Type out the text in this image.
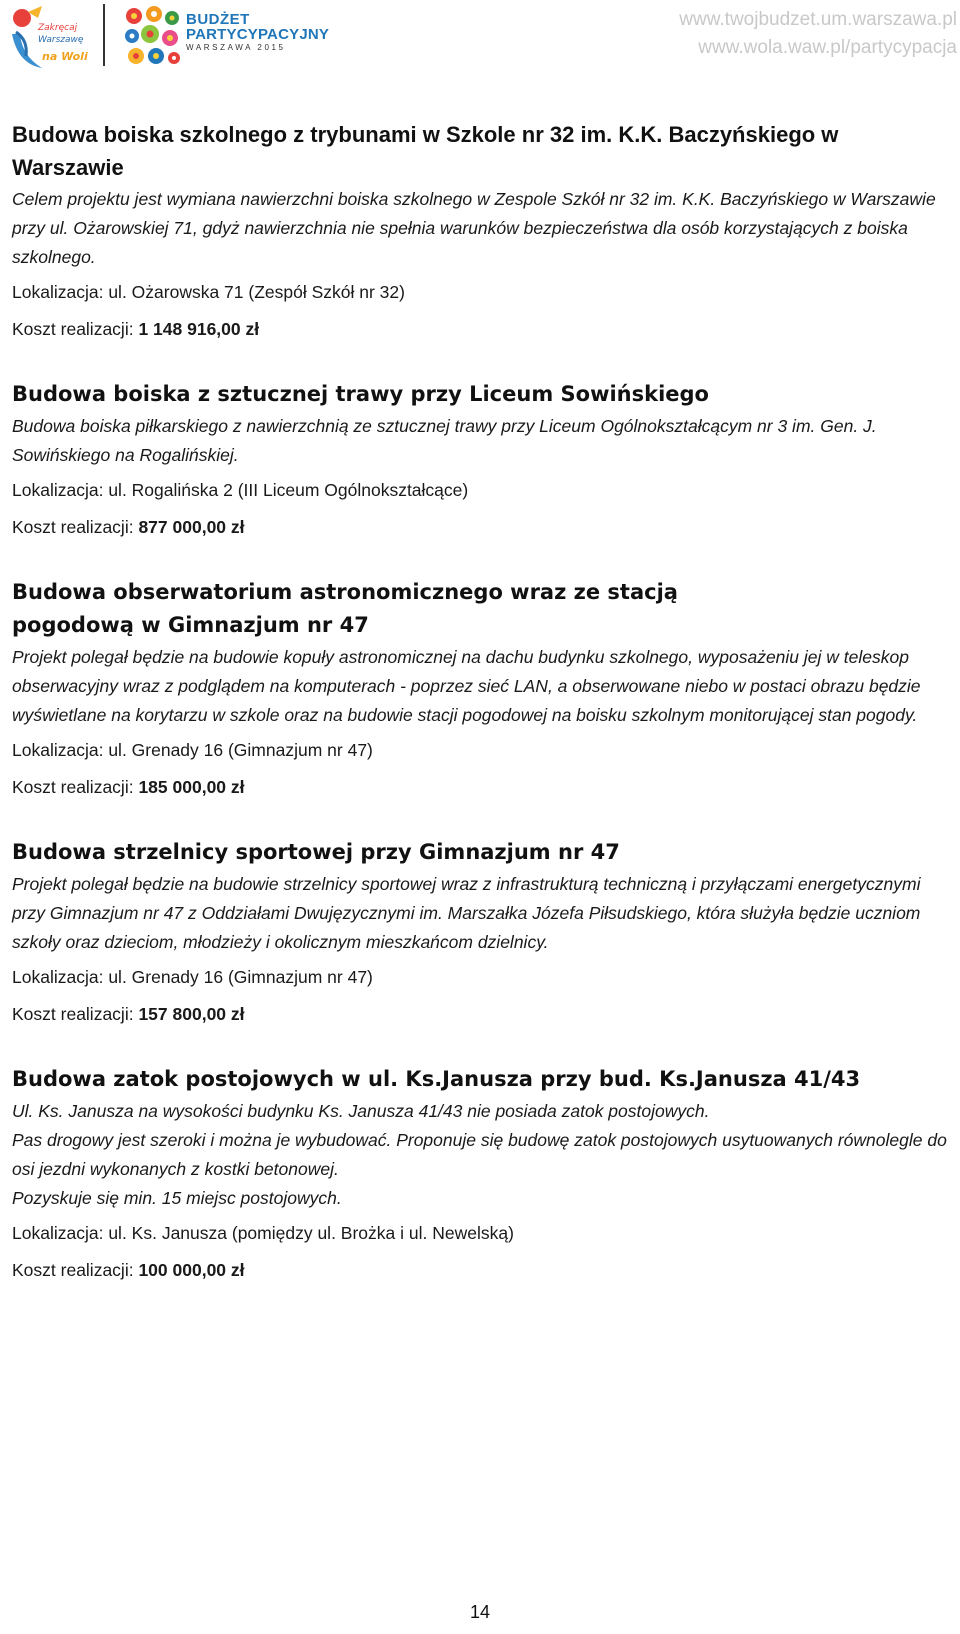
Zakręcaj
Warszawę
na Woli
BUDŻET
PARTYCYPACYJNY
WARSZAWA 2015
www.twojbudzet.um.warszawa.pl
www.wola.waw.pl/partycypacja
Budowa boiska szkolnego z trybunami w Szkole nr 32 im. K.K. Baczyńskiego w Warszawie
Celem projektu jest wymiana nawierzchni boiska szkolnego w Zespole Szkół nr 32 im. K.K. Baczyńskiego w Warszawie przy ul. Ożarowskiej 71, gdyż nawierzchnia nie spełnia warunków bezpieczeństwa dla osób korzystających z boiska szkolnego.
Lokalizacja: ul. Ożarowska 71 (Zespół Szkół nr 32)
Koszt realizacji: 1 148 916,00 zł
Budowa boiska z sztucznej trawy przy Liceum Sowińskiego
Budowa boiska piłkarskiego z nawierzchnią ze sztucznej trawy przy Liceum Ogólnokształcącym nr 3 im. Gen. J. Sowińskiego na Rogalińskiej.
Lokalizacja: ul. Rogalińska 2 (III Liceum Ogólnokształcące)
Koszt realizacji: 877 000,00 zł
Budowa obserwatorium astronomicznego wraz ze stacją pogodową w Gimnazjum nr 47
Projekt polegał będzie na budowie kopuły astronomicznej na dachu budynku szkolnego, wyposażeniu jej w teleskop obserwacyjny wraz z podglądem na komputerach - poprzez sieć LAN, a obserwowane niebo w postaci obrazu będzie wyświetlane na korytarzu w szkole oraz na budowie stacji pogodowej na boisku szkolnym monitorującej stan pogody.
Lokalizacja: ul. Grenady 16 (Gimnazjum nr 47)
Koszt realizacji: 185 000,00 zł
Budowa strzelnicy sportowej przy Gimnazjum nr 47
Projekt polegał będzie na budowie strzelnicy sportowej wraz z infrastrukturą techniczną i przyłączami energetycznymi przy Gimnazjum nr 47 z Oddziałami Dwujęzycznymi im. Marszałka Józefa Piłsudskiego, która służyła będzie uczniom szkoły oraz dzieciom, młodzieży i okolicznym mieszkańcom dzielnicy.
Lokalizacja: ul. Grenady 16 (Gimnazjum nr 47)
Koszt realizacji: 157 800,00 zł
Budowa zatok postojowych w ul. Ks.Janusza przy bud. Ks.Janusza 41/43
Ul. Ks. Janusza na wysokości budynku Ks. Janusza 41/43 nie posiada zatok postojowych.
Pas drogowy jest szeroki i można je wybudować. Proponuje się budowę zatok postojowych usytuowanych równolegle do osi jezdni wykonanych z kostki betonowej.
Pozyskuje się min. 15 miejsc postojowych.
Lokalizacja: ul. Ks. Janusza (pomiędzy ul. Brożka i ul. Newelską)
Koszt realizacji: 100 000,00 zł
14
